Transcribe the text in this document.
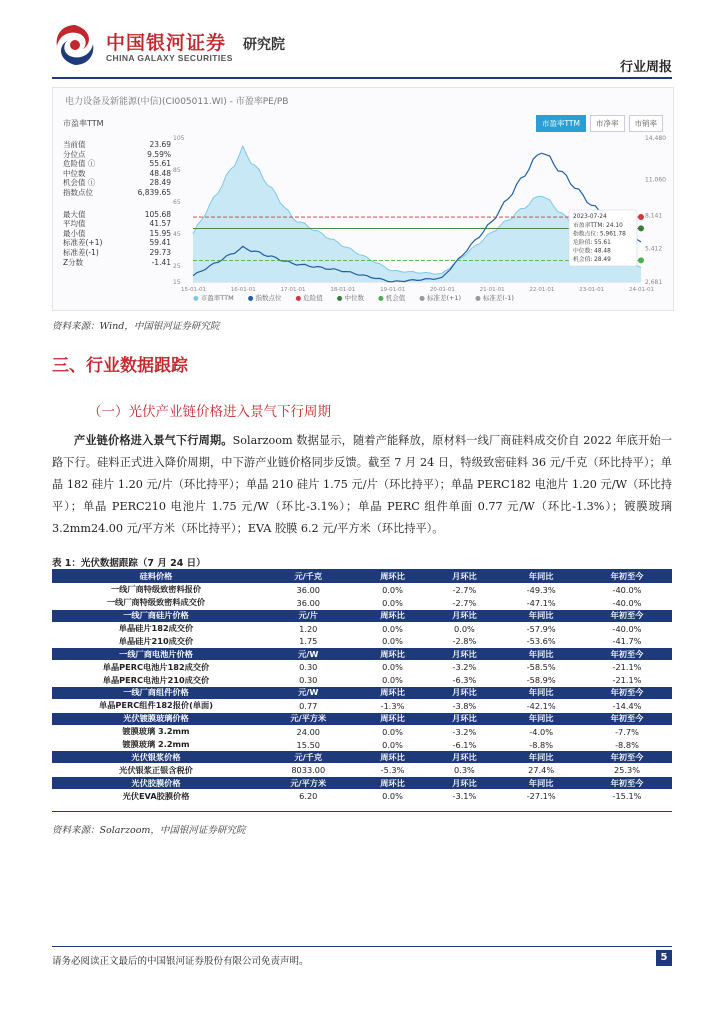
中国银河证券 研究院
CHINA GALAXY SECURITIES
行业周报
电力设备及新能源(中信)(CI005011.WI) - 市盈率PE/PB
市盈率TTM	市盈率TTM	市净率	市销率
当前值	23.69
分位点	9.59%
危险值 ⓘ	55.61
中位数	48.48
机会值 ⓘ	28.49
指数点位	6,839.65
最大值	105.68
平均值	41.57
最小值	15.95
标准差(+1)	59.41
标准差(-1)	29.73
Z分数	-1.41
105
85
65
45
25
15
14,480
11,060
8,141
5,412
2,681
15-01-01	16-01-01	17-01-01	18-01-01	19-01-01	20-01-01	21-01-01	22-01-01	23-01-01	24-01-01
2023-07-24
市盈率TTM: 24.10
指数点位: 5,961.78
危险值: 55.61
中位数: 48.48
机会值: 28.49
● 市盈率TTM ● 指数点位 ● 危险值 ● 中位数 ● 机会值 ● 标准差(+1) ● 标准差(-1)
资料来源：Wind，中国银河证券研究院
三、行业数据跟踪
（一）光伏产业链价格进入景气下行周期
产业链价格进入景气下行周期。Solarzoom 数据显示，随着产能释放，原材料一线厂商硅料成交价自 2022 年底开始一路下行。硅料正式进入降价周期，中下游产业链价格同步反馈。截至 7 月 24 日，特级致密硅料 36 元/千克（环比持平）；单晶 182 硅片 1.20 元/片（环比持平）；单晶 210 硅片 1.75 元/片（环比持平）；单晶 PERC182 电池片 1.20 元/W（环比持平）；单晶 PERC210 电池片 1.75 元/W（环比-3.1%）；单晶 PERC 组件单面 0.77 元/W（环比-1.3%）；镀膜玻璃 3.2mm24.00 元/平方米（环比持平）；EVA 胶膜 6.2 元/平方米（环比持平）。
表 1：光伏数据跟踪（7 月 24 日）
硅料价格	元/千克	周环比	月环比	年同比	年初至今
一线厂商特级致密料报价	36.00	0.0%	-2.7%	-49.3%	-40.0%
一线厂商特级致密料成交价	36.00	0.0%	-2.7%	-47.1%	-40.0%
一线厂商硅片价格	元/片	周环比	月环比	年同比	年初至今
单晶硅片182成交价	1.20	0.0%	0.0%	-57.9%	-40.0%
单晶硅片210成交价	1.75	0.0%	-2.8%	-53.6%	-41.7%
一线厂商电池片价格	元/W	周环比	月环比	年同比	年初至今
单晶PERC电池片182成交价	0.30	0.0%	-3.2%	-58.5%	-21.1%
单晶PERC电池片210成交价	0.30	0.0%	-6.3%	-58.9%	-21.1%
一线厂商组件价格	元/W	周环比	月环比	年同比	年初至今
单晶PERC组件182报价(单面)	0.77	-1.3%	-3.8%	-42.1%	-14.4%
光伏镀膜玻璃价格	元/平方米	周环比	月环比	年同比	年初至今
镀膜玻璃 3.2mm	24.00	0.0%	-3.2%	-4.0%	-7.7%
镀膜玻璃 2.2mm	15.50	0.0%	-6.1%	-8.8%	-8.8%
光伏银浆价格	元/千克	周环比	月环比	年同比	年初至今
光伏银浆正银含税价	8033.00	-5.3%	0.3%	27.4%	25.3%
光伏胶膜价格	元/平方米	周环比	月环比	年同比	年初至今
光伏EVA胶膜价格	6.20	0.0%	-3.1%	-27.1%	-15.1%
资料来源：Solarzoom，中国银河证券研究院
请务必阅读正文最后的中国银河证券股份有限公司免责声明。	5
